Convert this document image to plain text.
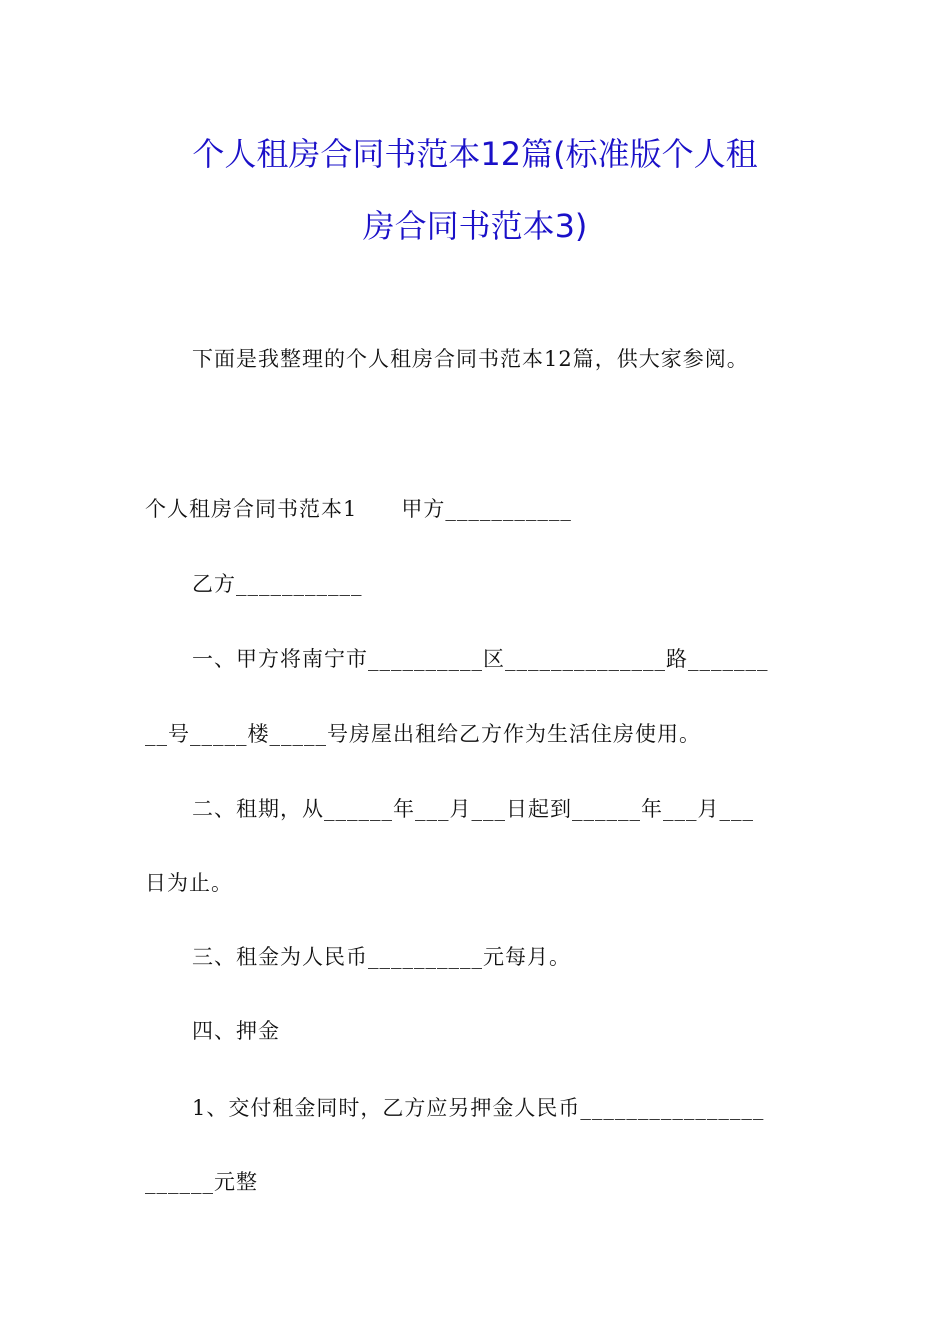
个人租房合同书范本12篇(标准版个人租
房合同书范本3)
下面是我整理的个人租房合同书范本12篇，供大家参阅。
个人租房合同书范本1　　甲方___________
乙方___________
一、甲方将南宁市__________区______________路_______
__号_____楼_____号房屋出租给乙方作为生活住房使用。
二、租期，从______年___月___日起到______年___月___
日为止。
三、租金为人民币__________元每月。
四、押金
1、交付租金同时，乙方应另押金人民币________________
______元整
